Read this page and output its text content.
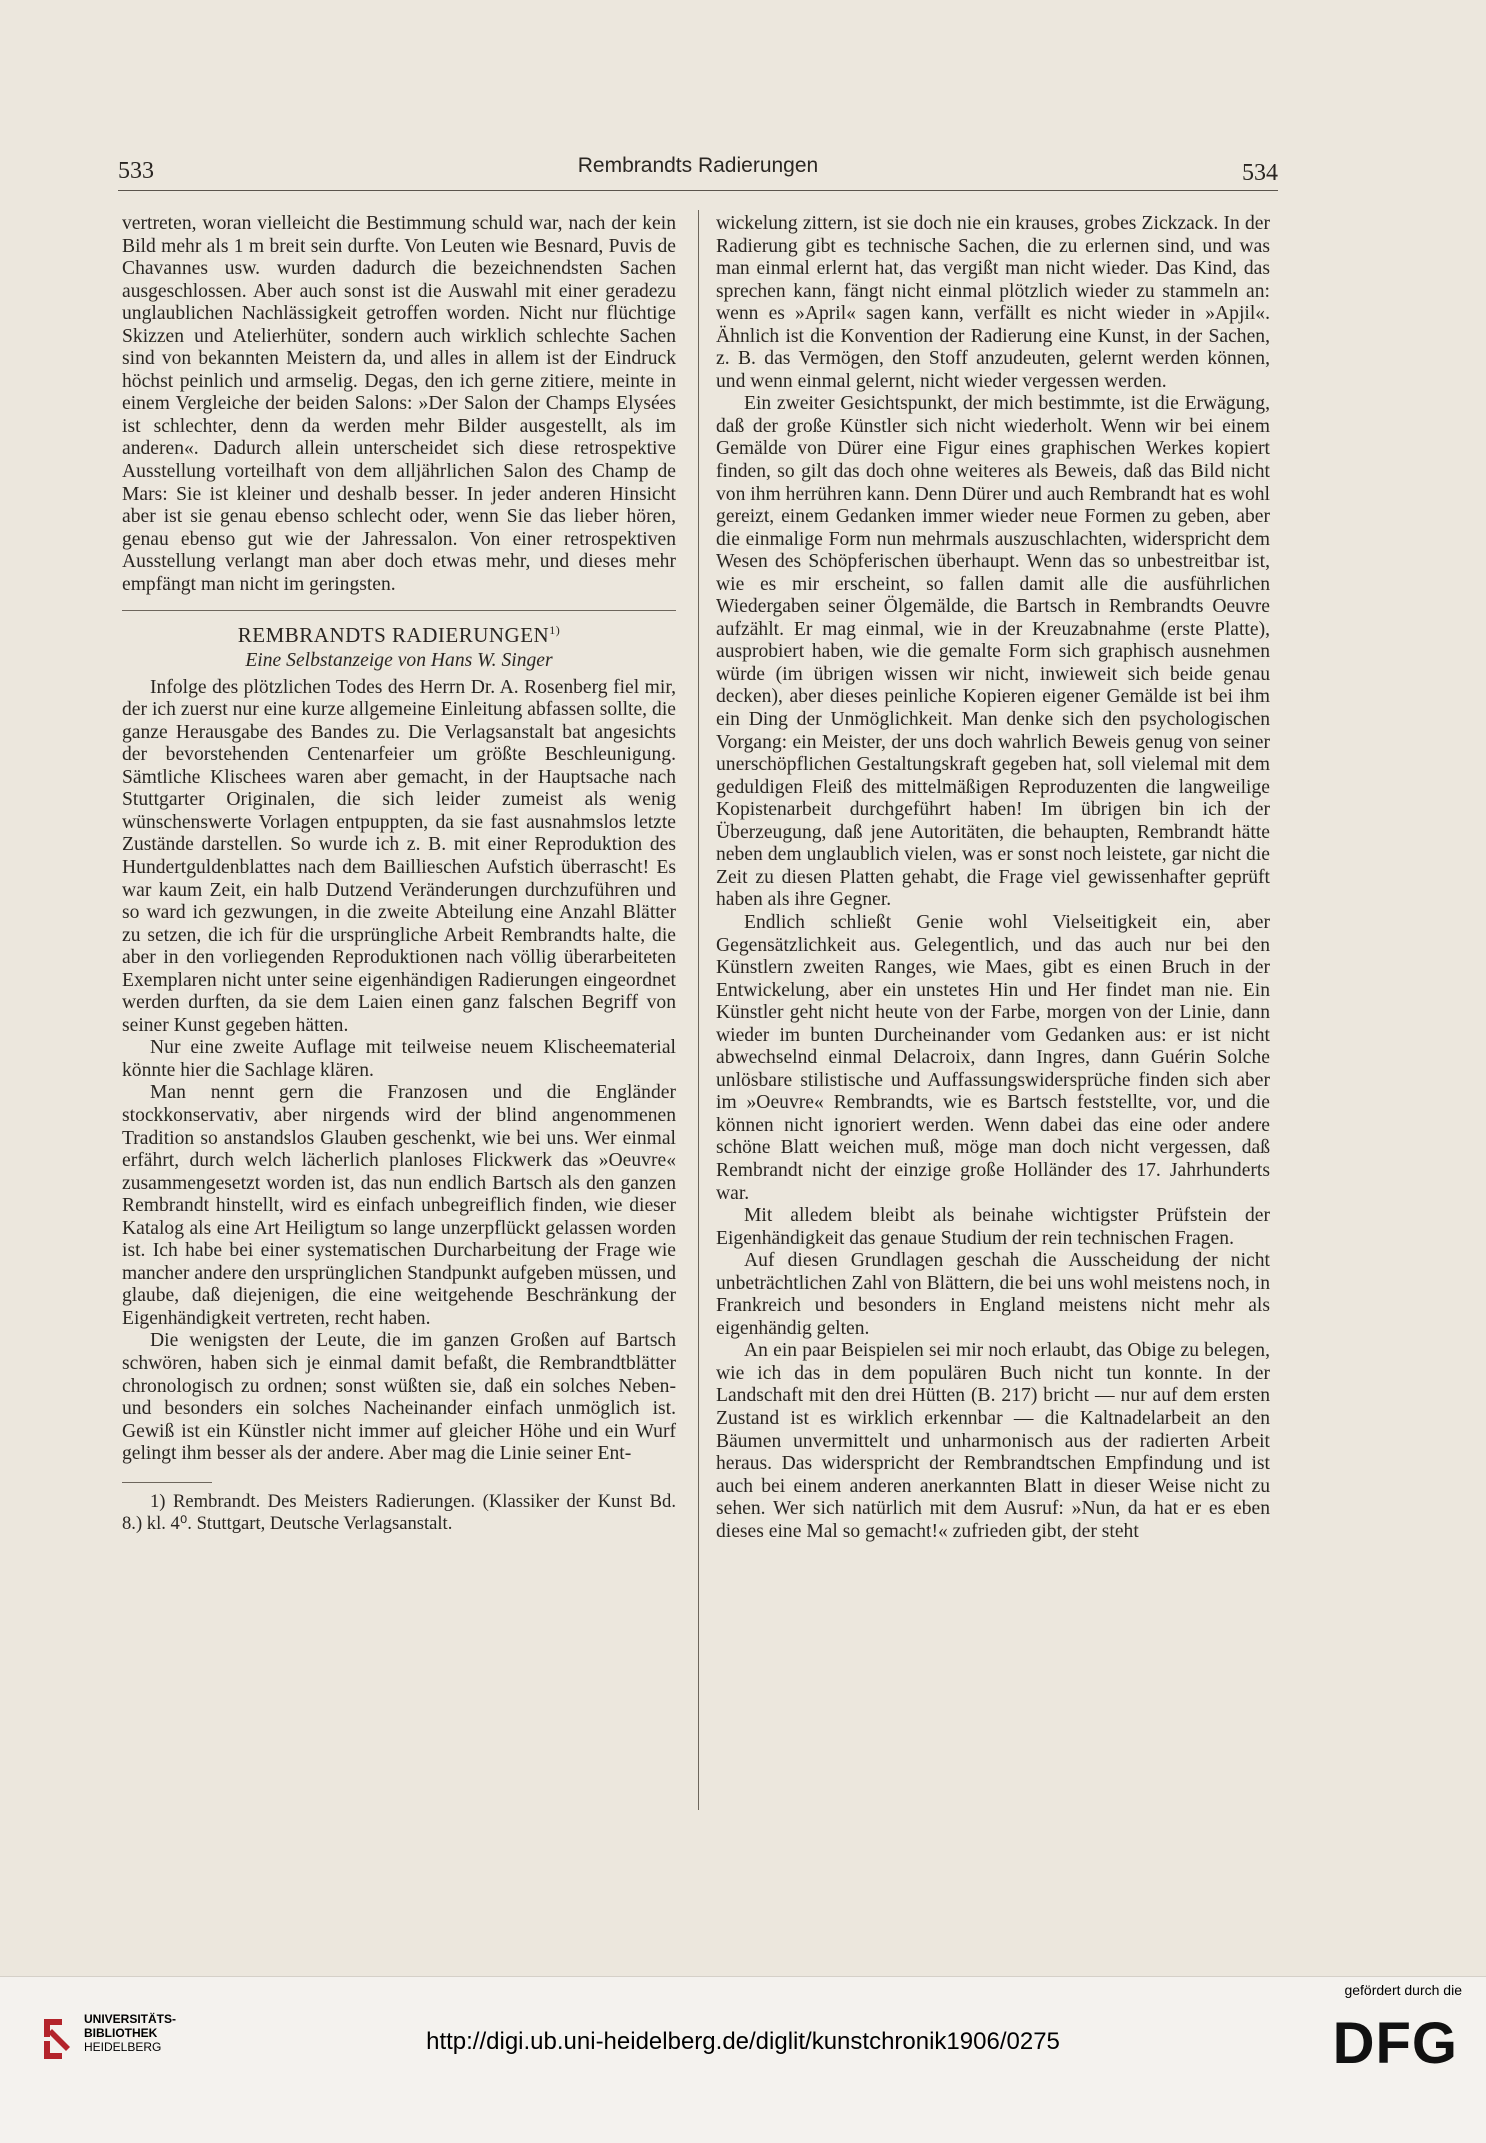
533	Rembrandts Radierungen	534

vertreten, woran vielleicht die Bestimmung schuld war, nach der kein Bild mehr als 1 m breit sein durfte. Von Leuten wie Besnard, Puvis de Chavannes usw. wurden dadurch die bezeichnendsten Sachen ausgeschlossen. Aber auch sonst ist die Auswahl mit einer geradezu unglaublichen Nachlässigkeit getroffen worden. Nicht nur flüchtige Skizzen und Atelierhüter, sondern auch wirklich schlechte Sachen sind von bekannten Meistern da, und alles in allem ist der Eindruck höchst peinlich und armselig. Degas, den ich gerne zitiere, meinte in einem Vergleiche der beiden Salons: »Der Salon der Champs Elysées ist schlechter, denn da werden mehr Bilder ausgestellt, als im anderen«. Dadurch allein unterscheidet sich diese retrospektive Ausstellung vorteilhaft von dem alljährlichen Salon des Champ de Mars: Sie ist kleiner und deshalb besser. In jeder anderen Hinsicht aber ist sie genau ebenso schlecht oder, wenn Sie das lieber hören, genau ebenso gut wie der Jahressalon. Von einer retrospektiven Ausstellung verlangt man aber doch etwas mehr, und dieses mehr empfängt man nicht im geringsten.

REMBRANDTS RADIERUNGEN$^{1)}$
Eine Selbstanzeige von Hans W. Singer

Infolge des plötzlichen Todes des Herrn Dr. A. Rosenberg fiel mir, der ich zuerst nur eine kurze allgemeine Einleitung abfassen sollte, die ganze Herausgabe des Bandes zu. Die Verlagsanstalt bat angesichts der bevorstehenden Centenarfeier um größte Beschleunigung. Sämtliche Klischees waren aber gemacht, in der Hauptsache nach Stuttgarter Originalen, die sich leider zumeist als wenig wünschenswerte Vorlagen entpuppten, da sie fast ausnahmslos letzte Zustände darstellen. So wurde ich z. B. mit einer Reproduktion des Hundertguldenblattes nach dem Baillieschen Aufstich überrascht! Es war kaum Zeit, ein halb Dutzend Veränderungen durchzuführen und so ward ich gezwungen, in die zweite Abteilung eine Anzahl Blätter zu setzen, die ich für die ursprüngliche Arbeit Rembrandts halte, die aber in den vorliegenden Reproduktionen nach völlig überarbeiteten Exemplaren nicht unter seine eigenhändigen Radierungen eingeordnet werden durften, da sie dem Laien einen ganz falschen Begriff von seiner Kunst gegeben hätten.

Nur eine zweite Auflage mit teilweise neuem Klischeematerial könnte hier die Sachlage klären.

Man nennt gern die Franzosen und die Engländer stockkonservativ, aber nirgends wird der blind angenommenen Tradition so anstandslos Glauben geschenkt, wie bei uns. Wer einmal erfährt, durch welch lächerlich planloses Flickwerk das »Oeuvre« zusammengesetzt worden ist, das nun endlich Bartsch als den ganzen Rembrandt hinstellt, wird es einfach unbegreiflich finden, wie dieser Katalog als eine Art Heiligtum so lange unzerpflückt gelassen worden ist. Ich habe bei einer systematischen Durcharbeitung der Frage wie mancher andere den ursprünglichen Standpunkt aufgeben müssen, und glaube, daß diejenigen, die eine weitgehende Beschränkung der Eigenhändigkeit vertreten, recht haben.

Die wenigsten der Leute, die im ganzen Großen auf Bartsch schwören, haben sich je einmal damit befaßt, die Rembrandtblätter chronologisch zu ordnen; sonst wüßten sie, daß ein solches Neben- und besonders ein solches Nacheinander einfach unmöglich ist. Gewiß ist ein Künstler nicht immer auf gleicher Höhe und ein Wurf gelingt ihm besser als der andere. Aber mag die Linie seiner Ent-

1) Rembrandt. Des Meisters Radierungen. (Klassiker der Kunst Bd. 8.) kl. 4⁰. Stuttgart, Deutsche Verlagsanstalt.

wickelung zittern, ist sie doch nie ein krauses, grobes Zickzack. In der Radierung gibt es technische Sachen, die zu erlernen sind, und was man einmal erlernt hat, das vergißt man nicht wieder. Das Kind, das sprechen kann, fängt nicht einmal plötzlich wieder zu stammeln an: wenn es »April« sagen kann, verfällt es nicht wieder in »Apjil«. Ähnlich ist die Konvention der Radierung eine Kunst, in der Sachen, z. B. das Vermögen, den Stoff anzudeuten, gelernt werden können, und wenn einmal gelernt, nicht wieder vergessen werden.

Ein zweiter Gesichtspunkt, der mich bestimmte, ist die Erwägung, daß der große Künstler sich nicht wiederholt. Wenn wir bei einem Gemälde von Dürer eine Figur eines graphischen Werkes kopiert finden, so gilt das doch ohne weiteres als Beweis, daß das Bild nicht von ihm herrühren kann. Denn Dürer und auch Rembrandt hat es wohl gereizt, einem Gedanken immer wieder neue Formen zu geben, aber die einmalige Form nun mehrmals auszuschlachten, widerspricht dem Wesen des Schöpferischen überhaupt. Wenn das so unbestreitbar ist, wie es mir erscheint, so fallen damit alle die ausführlichen Wiedergaben seiner Ölgemälde, die Bartsch in Rembrandts Oeuvre aufzählt. Er mag einmal, wie in der Kreuzabnahme (erste Platte), ausprobiert haben, wie die gemalte Form sich graphisch ausnehmen würde (im übrigen wissen wir nicht, inwieweit sich beide genau decken), aber dieses peinliche Kopieren eigener Gemälde ist bei ihm ein Ding der Unmöglichkeit. Man denke sich den psychologischen Vorgang: ein Meister, der uns doch wahrlich Beweis genug von seiner unerschöpflichen Gestaltungskraft gegeben hat, soll vielemal mit dem geduldigen Fleiß des mittelmäßigen Reproduzenten die langweilige Kopistenarbeit durchgeführt haben! Im übrigen bin ich der Überzeugung, daß jene Autoritäten, die behaupten, Rembrandt hätte neben dem unglaublich vielen, was er sonst noch leistete, gar nicht die Zeit zu diesen Platten gehabt, die Frage viel gewissenhafter geprüft haben als ihre Gegner.

Endlich schließt Genie wohl Vielseitigkeit ein, aber Gegensätzlichkeit aus. Gelegentlich, und das auch nur bei den Künstlern zweiten Ranges, wie Maes, gibt es einen Bruch in der Entwickelung, aber ein unstetes Hin und Her findet man nie. Ein Künstler geht nicht heute von der Farbe, morgen von der Linie, dann wieder im bunten Durcheinander vom Gedanken aus: er ist nicht abwechselnd einmal Delacroix, dann Ingres, dann Guérin Solche unlösbare stilistische und Auffassungswidersprüche finden sich aber im »Oeuvre« Rembrandts, wie es Bartsch feststellte, vor, und die können nicht ignoriert werden. Wenn dabei das eine oder andere schöne Blatt weichen muß, möge man doch nicht vergessen, daß Rembrandt nicht der einzige große Holländer des 17. Jahrhunderts war.

Mit alledem bleibt als beinahe wichtigster Prüfstein der Eigenhändigkeit das genaue Studium der rein technischen Fragen.

Auf diesen Grundlagen geschah die Ausscheidung der nicht unbeträchtlichen Zahl von Blättern, die bei uns wohl meistens noch, in Frankreich und besonders in England meistens nicht mehr als eigenhändig gelten.

An ein paar Beispielen sei mir noch erlaubt, das Obige zu belegen, wie ich das in dem populären Buch nicht tun konnte. In der Landschaft mit den drei Hütten (B. 217) bricht — nur auf dem ersten Zustand ist es wirklich erkennbar — die Kaltnadelarbeit an den Bäumen unvermittelt und unharmonisch aus der radierten Arbeit heraus. Das widerspricht der Rembrandtschen Empfindung und ist auch bei einem anderen anerkannten Blatt in dieser Weise nicht zu sehen. Wer sich natürlich mit dem Ausruf: »Nun, da hat er es eben dieses eine Mal so gemacht!« zufrieden gibt, der steht

UNIVERSITÄTS-
BIBLIOTHEK
HEIDELBERG	http://digi.ub.uni-heidelberg.de/diglit/kunstchronik1906/0275
gefördert durch die
DFG
